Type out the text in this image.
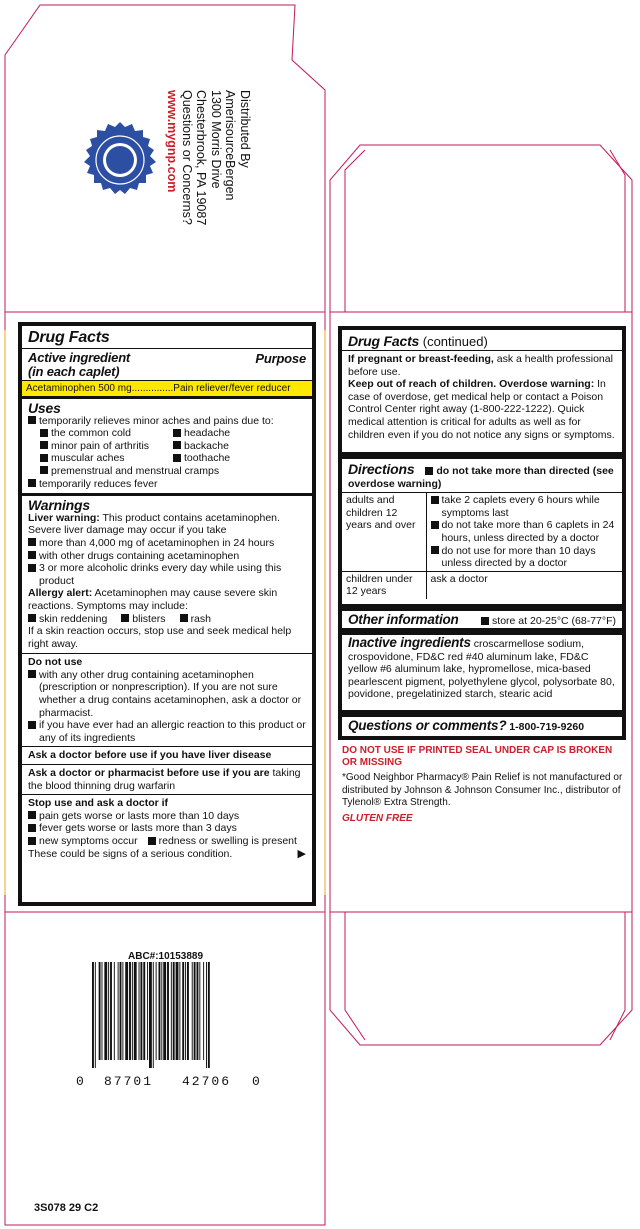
Distributed By
AmerisourceBergen
1300 Morris Drive
Chesterbrook, PA 19087
Questions or Concerns?
www.mygnp.com
Drug Facts
Active ingredient
(in each caplet)
Purpose
Acetaminophen 500 mg...............Pain reliever/fever reducer
Uses
temporarily relieves minor aches and pains due to:
the common cold
minor pain of arthritis
muscular aches
headache
backache
toothache
premenstrual and menstrual cramps
temporarily reduces fever
Warnings
Liver warning: This product contains acetaminophen. Severe liver damage may occur if you take
more than 4,000 mg of acetaminophen in 24 hours
with other drugs containing acetaminophen
3 or more alcoholic drinks every day while using this product
Allergy alert: Acetaminophen may cause severe skin reactions. Symptoms may include:
skin reddening	blisters	rash
If a skin reaction occurs, stop use and seek medical help right away.
Do not use
with any other drug containing acetaminophen (prescription or nonprescription). If you are not sure whether a drug contains acetaminophen, ask a doctor or pharmacist.
if you have ever had an allergic reaction to this product or any of its ingredients
Ask a doctor before use if you have liver disease
Ask a doctor or pharmacist before use if you are taking the blood thinning drug warfarin
Stop use and ask a doctor if
pain gets worse or lasts more than 10 days
fever gets worse or lasts more than 3 days
new symptoms occur	redness or swelling is present
These could be signs of a serious condition.	▶
Drug Facts (continued)
If pregnant or breast-feeding, ask a health professional before use.
Keep out of reach of children. Overdose warning: In case of overdose, get medical help or contact a Poison Control Center right away (1-800-222-1222). Quick medical attention is critical for adults as well as for children even if you do not notice any signs or symptoms.
Directions do not take more than directed (see overdose warning)
adults and children 12 years and over	take 2 caplets every 6 hours while symptoms last
do not take more than 6 caplets in 24 hours, unless directed by a doctor
do not use for more than 10 days unless directed by a doctor

children under 12 years	ask a doctor
Other information	store at 20-25°C (68-77°F)
Inactive ingredients croscarmellose sodium, crospovidone, FD&C red #40 aluminum lake, FD&C yellow #6 aluminum lake, hypromellose, mica-based pearlescent pigment, polyethylene glycol, polysorbate 80, povidone, pregelatinized starch, stearic acid
Questions or comments? 1-800-719-9260
DO NOT USE IF PRINTED SEAL UNDER CAP IS BROKEN OR MISSING
*Good Neighbor Pharmacy® Pain Relief is not manufactured or distributed by Johnson & Johnson Consumer Inc., distributor of Tylenol® Extra Strength.
GLUTEN FREE
ABC#:10153889
0 87701 42706 0
3S078 29 C2
